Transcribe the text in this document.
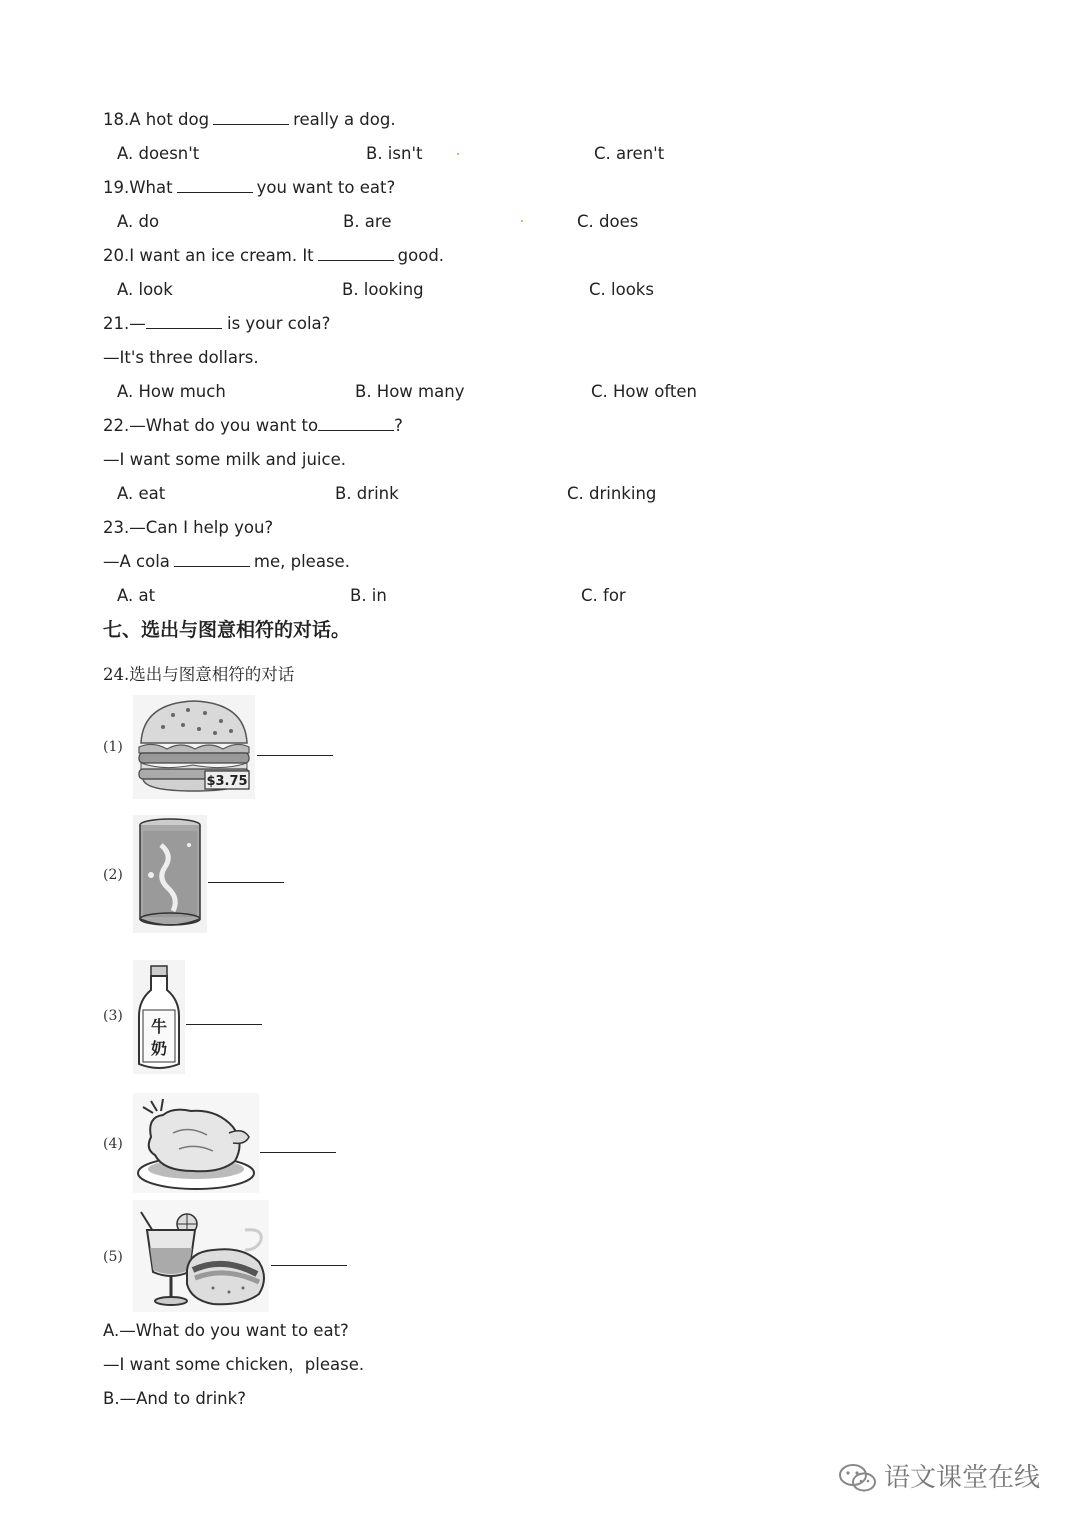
18.A hot dog	really a dog.
A. doesn't	B. isn't	C. aren't
19.What	you want to eat?
A. do	B. are	C. does
20.I want an ice cream. It	good.
A. look	B. looking	C. looks
21.—	is your cola?
—It's three dollars.
A. How much	B. How many	C. How often
22.—What do you want to	?
—I want some milk and juice.
A. eat	B. drink	C. drinking
23.—Can I help you?
—A cola	me, please.
A. at	B. in	C. for
七、选出与图意相符的对话。
24.选出与图意相符的对话
(1)
$3.75
(2)
(3)
牛
奶
(4)
(5)
A.—What do you want to eat?
—I want some chicken，please.
B.—And to drink?
语文课堂在线
